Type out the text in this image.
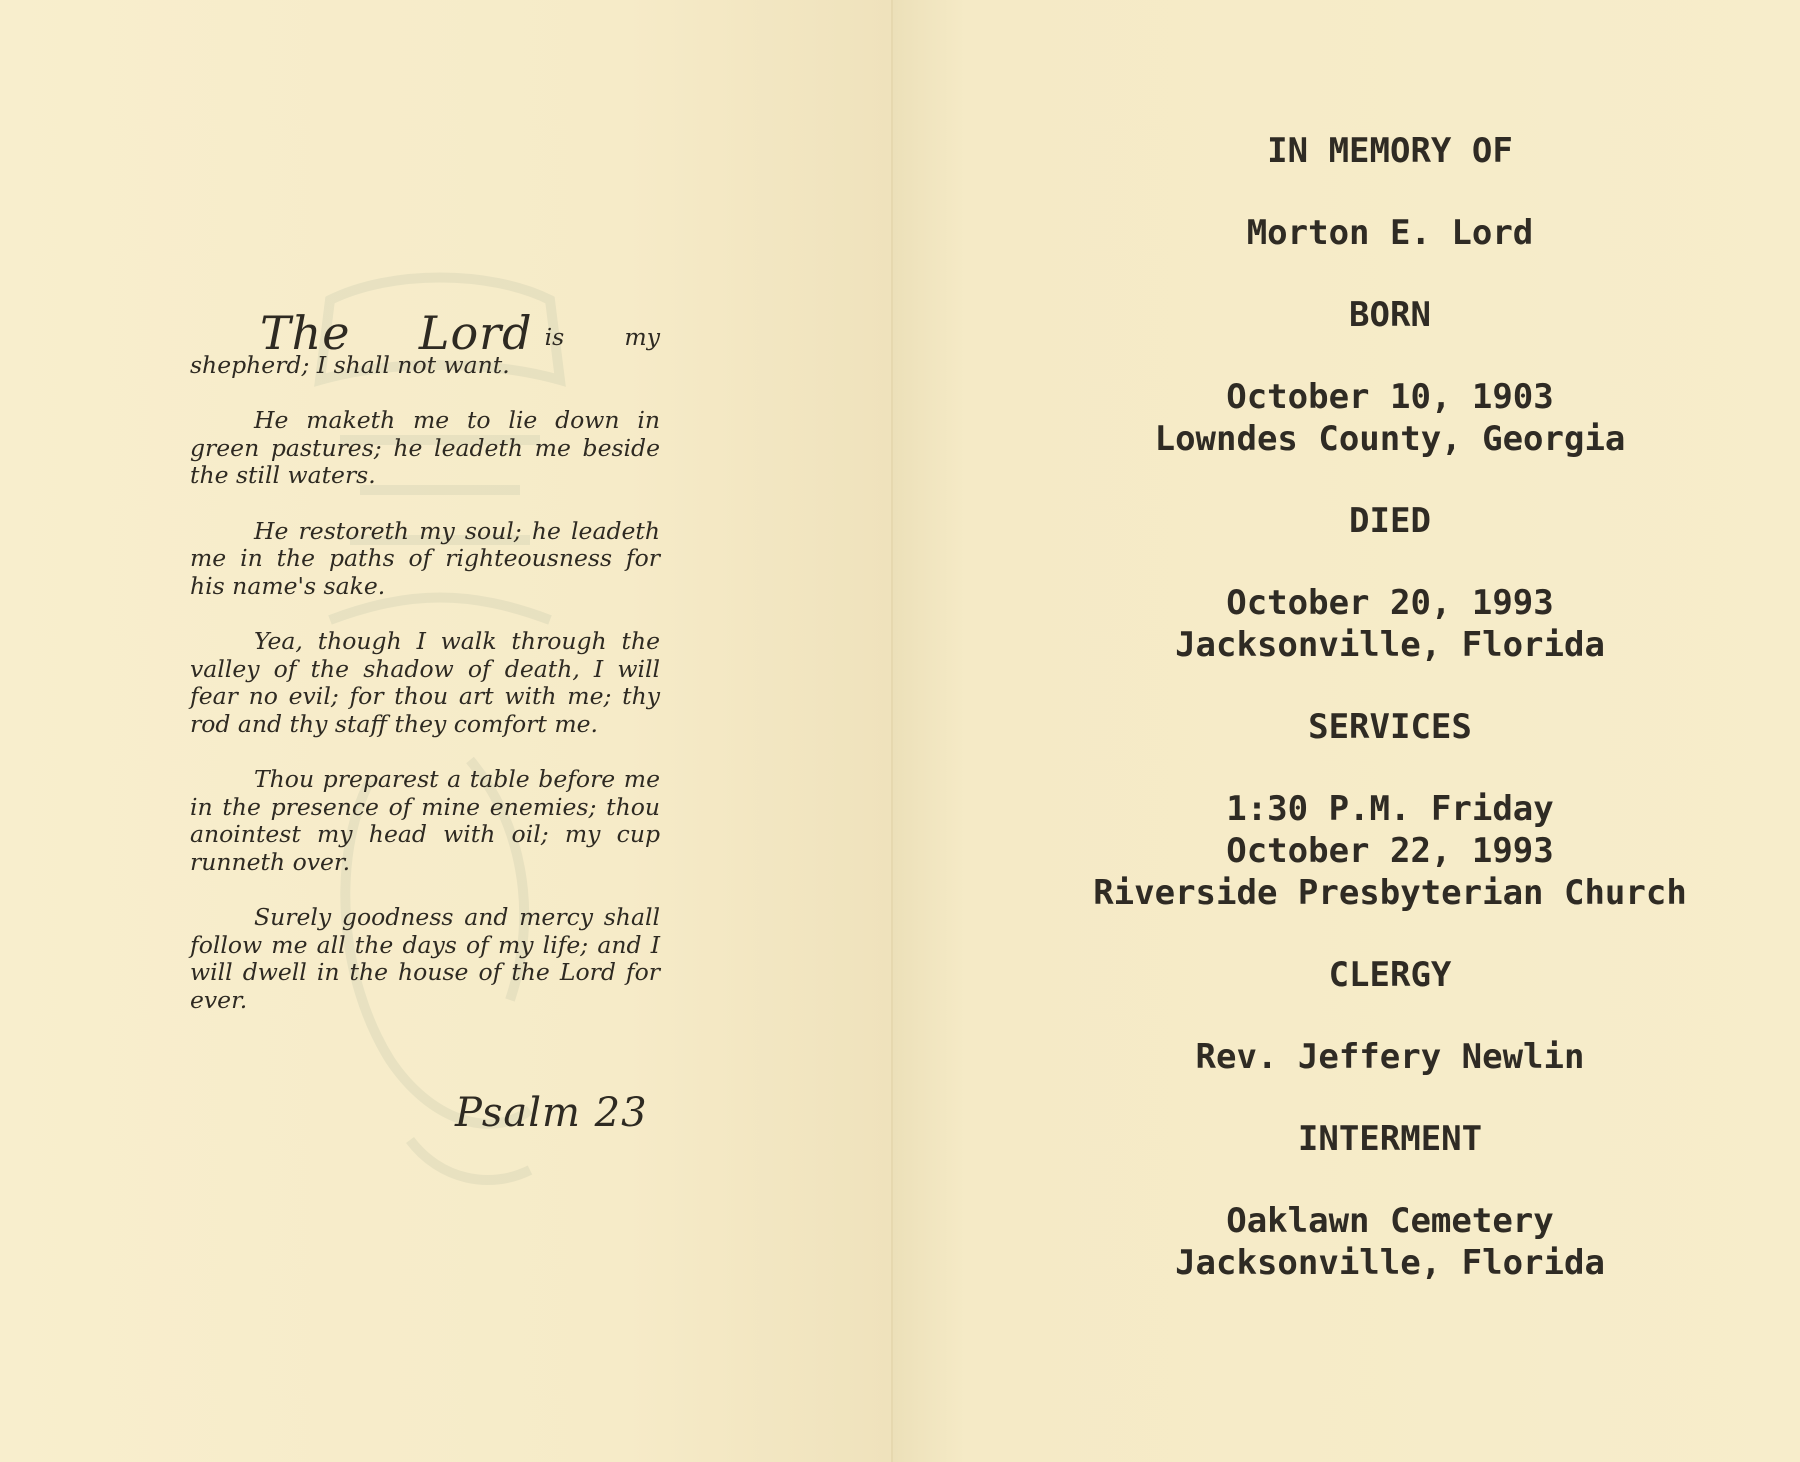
The Lord is my shepherd; I shall not want.

He maketh me to lie down in green pastures; he leadeth me beside the still waters.

He restoreth my soul; he leadeth me in the paths of righteousness for his name's sake.

Yea, though I walk through the valley of the shadow of death, I will fear no evil; for thou art with me; thy rod and thy staff they comfort me.

Thou preparest a table before me in the presence of mine enemies; thou anointest my head with oil; my cup runneth over.

Surely goodness and mercy shall follow me all the days of my life; and I will dwell in the house of the Lord for ever.

Psalm 23
IN MEMORY OF
Morton E. Lord
BORN
October 10, 1903
Lowndes County, Georgia
DIED
October 20, 1993
Jacksonville, Florida
SERVICES
1:30 P.M. Friday
October 22, 1993
Riverside Presbyterian Church
CLERGY
Rev. Jeffery Newlin
INTERMENT
Oaklawn Cemetery
Jacksonville, Florida
